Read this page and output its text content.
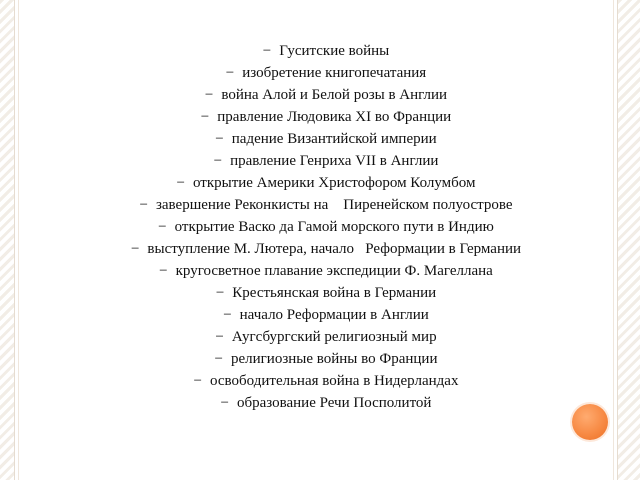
− Гуситские войны
− изобретение книгопечатания
− война Алой и Белой розы в Англии
− правление Людовика XI во Франции
− падение Византийской империи
− правление Генриха VII в Англии
− открытие Америки Христофором Колумбом
− завершение Реконкисты на    Пиренейском полуострове
− открытие Васко да Гамой морского пути в Индию
− выступление М. Лютера, начало   Реформации в Германии
− кругосветное плавание экспедиции Ф. Магеллана
− Крестьянская война в Германии
− начало Реформации в Англии
− Аугсбургский религиозный мир
− религиозные войны во Франции
− освободительная война в Нидерландах
− образование Речи Посполитой
